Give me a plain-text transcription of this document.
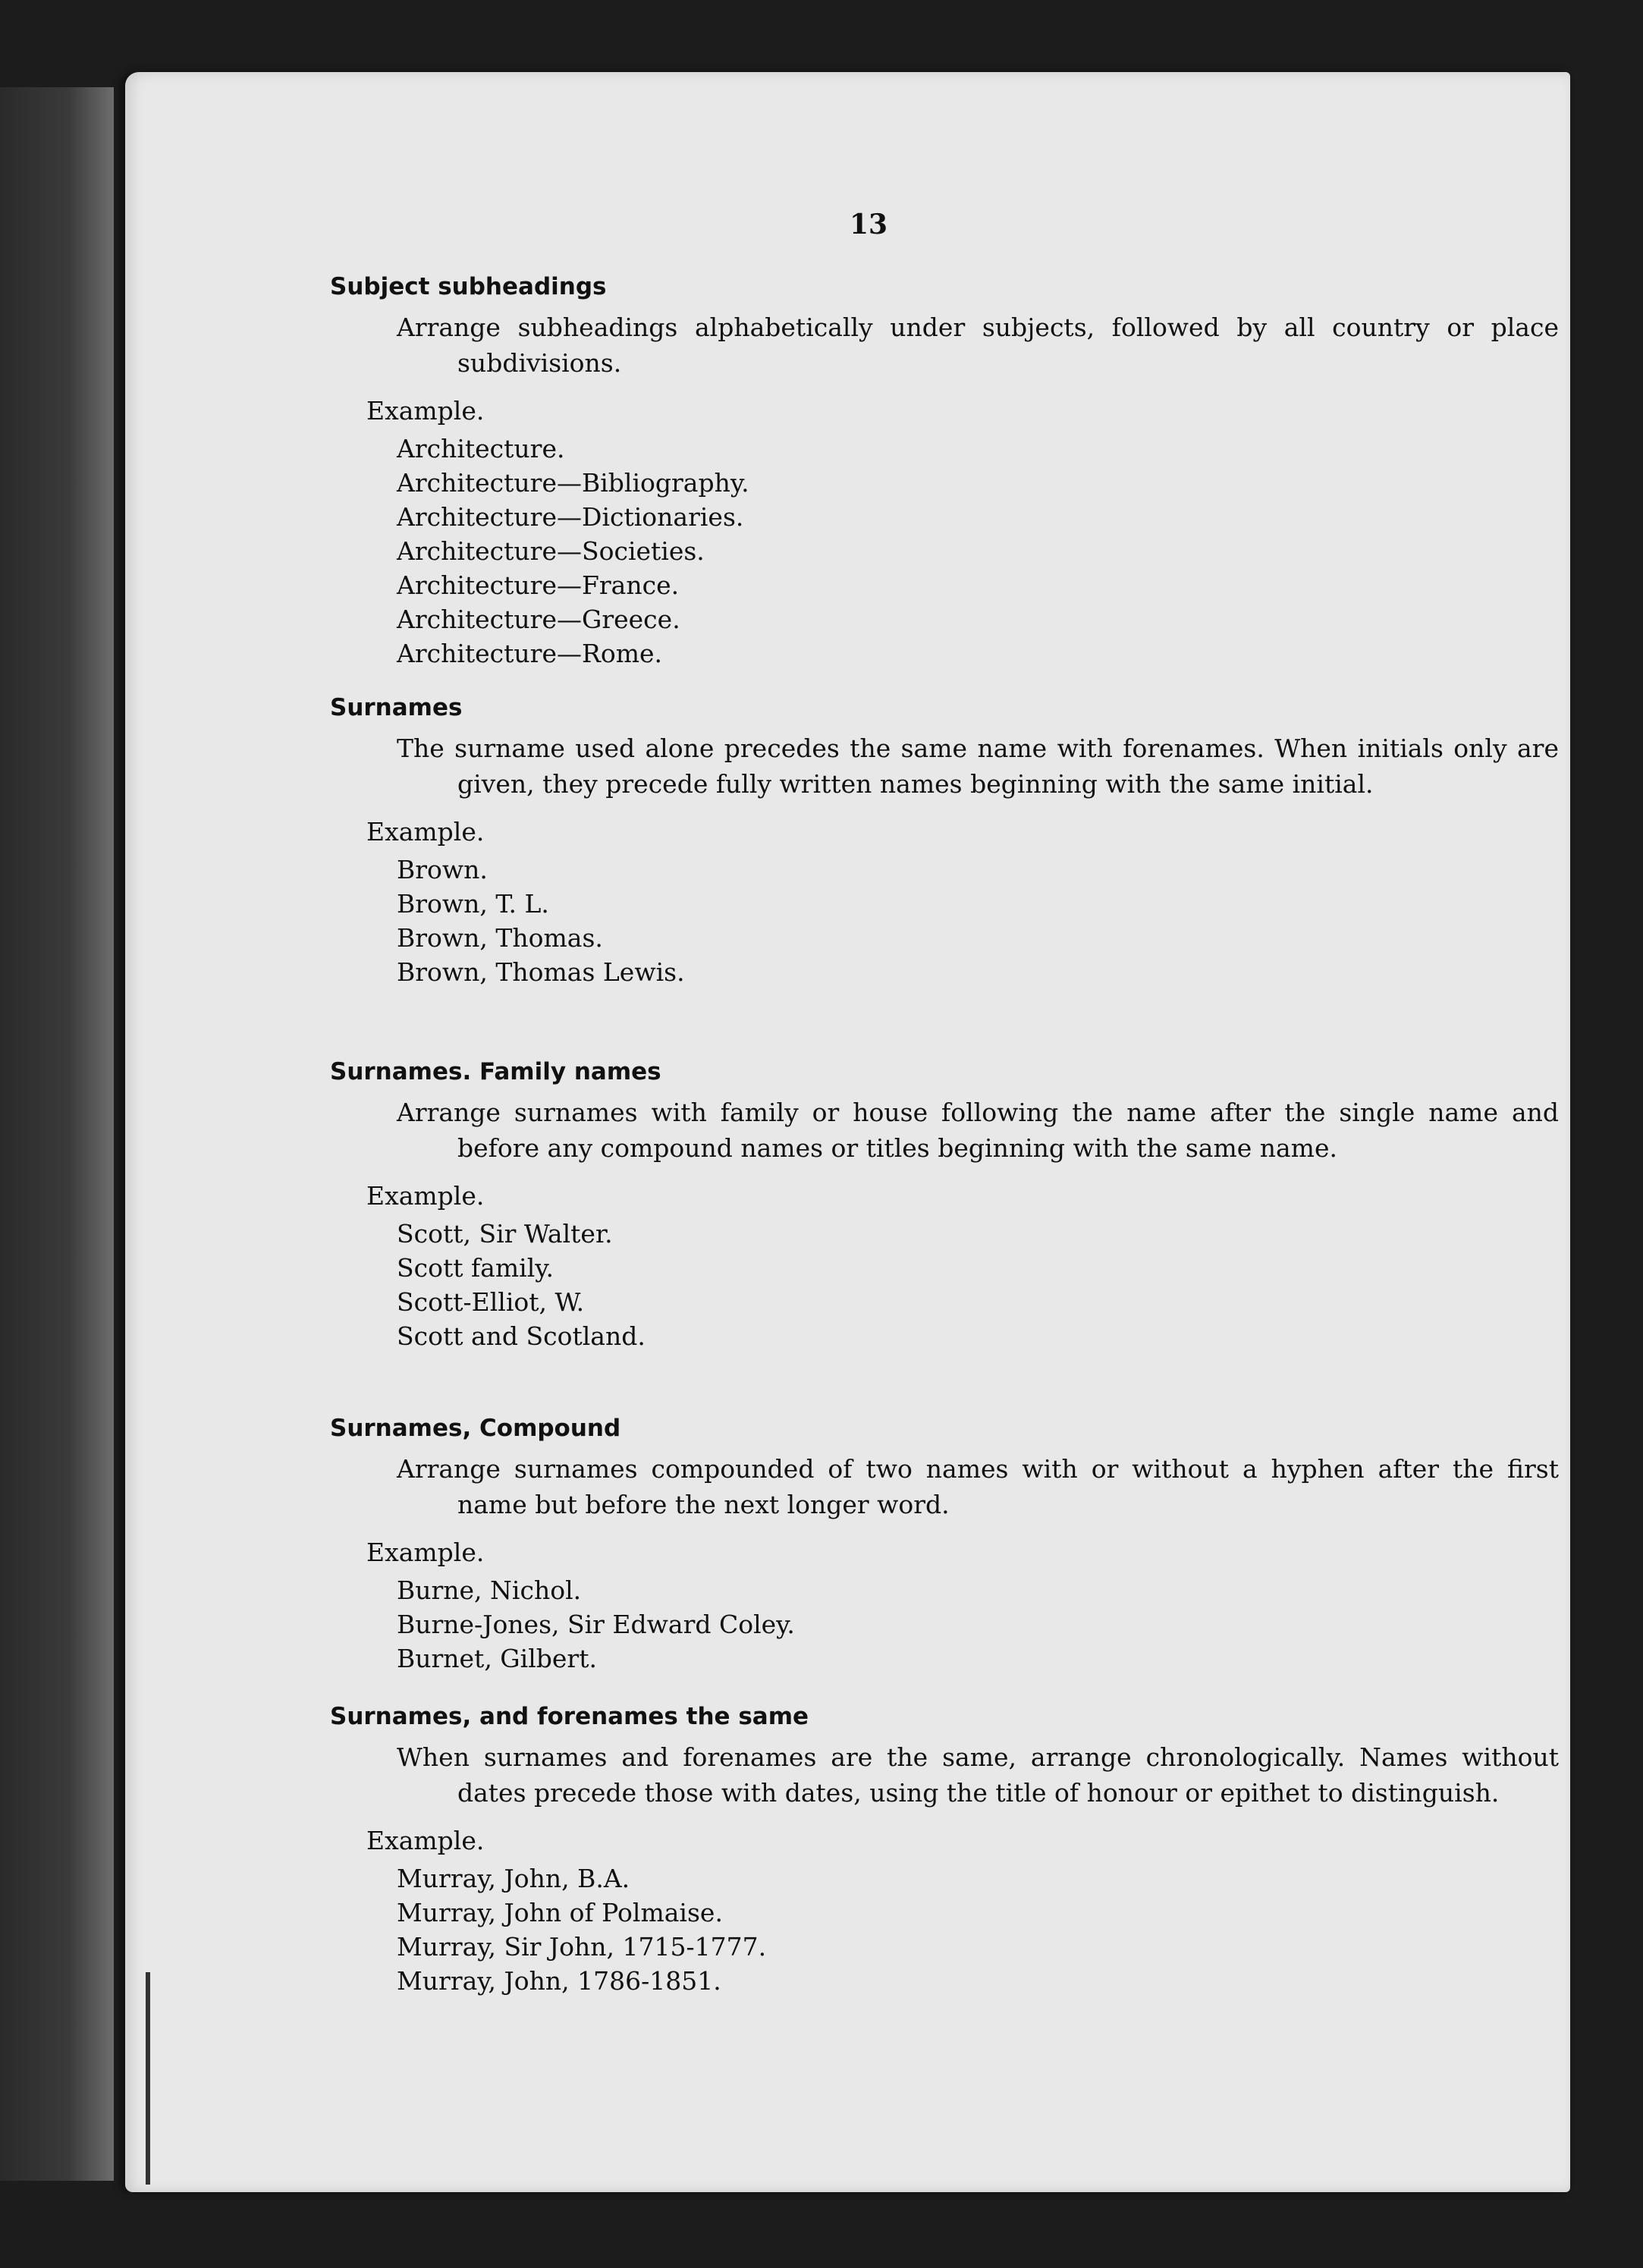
13
Subject subheadings
Arrange subheadings alphabetically under subjects, followed by all country or place subdivisions.
Example.
Architecture.
Architecture—Bibliography.
Architecture—Dictionaries.
Architecture—Societies.
Architecture—France.
Architecture—Greece.
Architecture—Rome.
Surnames
The surname used alone precedes the same name with forenames. When initials only are given, they precede fully written names beginning with the same initial.
Example.
Brown.
Brown, T. L.
Brown, Thomas.
Brown, Thomas Lewis.
Surnames. Family names
Arrange surnames with family or house following the name after the single name and before any compound names or titles beginning with the same name.
Example.
Scott, Sir Walter.
Scott family.
Scott-Elliot, W.
Scott and Scotland.
Surnames, Compound
Arrange surnames compounded of two names with or without a hyphen after the first name but before the next longer word.
Example.
Burne, Nichol.
Burne-Jones, Sir Edward Coley.
Burnet, Gilbert.
Surnames, and forenames the same
When surnames and forenames are the same, arrange chronologically. Names without dates precede those with dates, using the title of honour or epithet to distinguish.
Example.
Murray, John, B.A.
Murray, John of Polmaise.
Murray, Sir John, 1715-1777.
Murray, John, 1786-1851.
